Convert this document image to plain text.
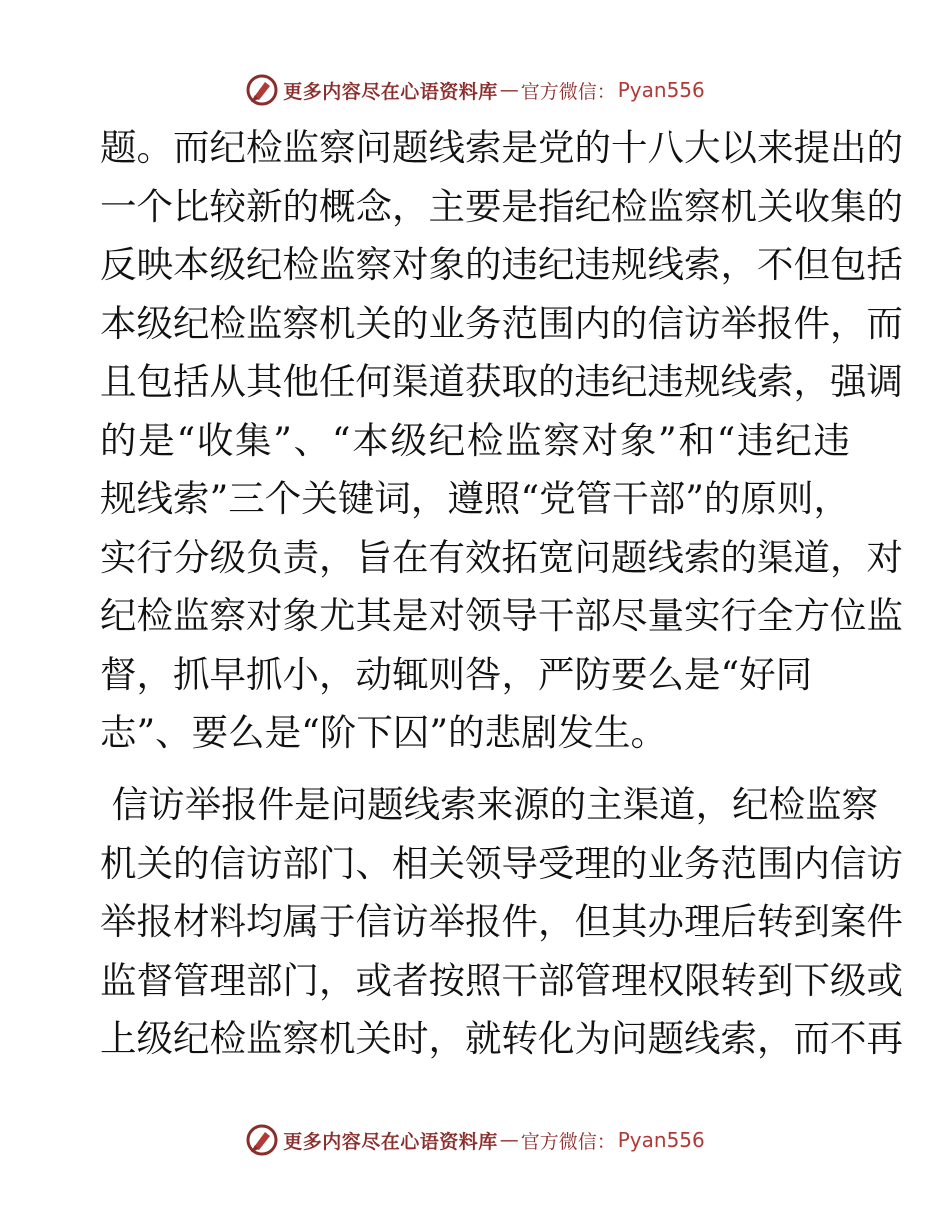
更多内容尽在心语资料库 — 官方微信： Pyan556
题。而纪检监察问题线索是党的十八大以来提出的
一个比较新的概念，主要是指纪检监察机关收集的
反映本级纪检监察对象的违纪违规线索，不但包括
本级纪检监察机关的业务范围内的信访举报件，而
且包括从其他任何渠道获取的违纪违规线索，强调
的是“收集”、“本级纪检监察对象”和“违纪违
规线索”三个关键词，遵照“党管干部”的原则，
实行分级负责，旨在有效拓宽问题线索的渠道，对
纪检监察对象尤其是对领导干部尽量实行全方位监
督，抓早抓小，动辄则咎，严防要么是“好同
志”、要么是“阶下囚”的悲剧发生。
信访举报件是问题线索来源的主渠道，纪检监察
机关的信访部门、相关领导受理的业务范围内信访
举报材料均属于信访举报件，但其办理后转到案件
监督管理部门，或者按照干部管理权限转到下级或
上级纪检监察机关时，就转化为问题线索，而不再
更多内容尽在心语资料库 — 官方微信： Pyan556
